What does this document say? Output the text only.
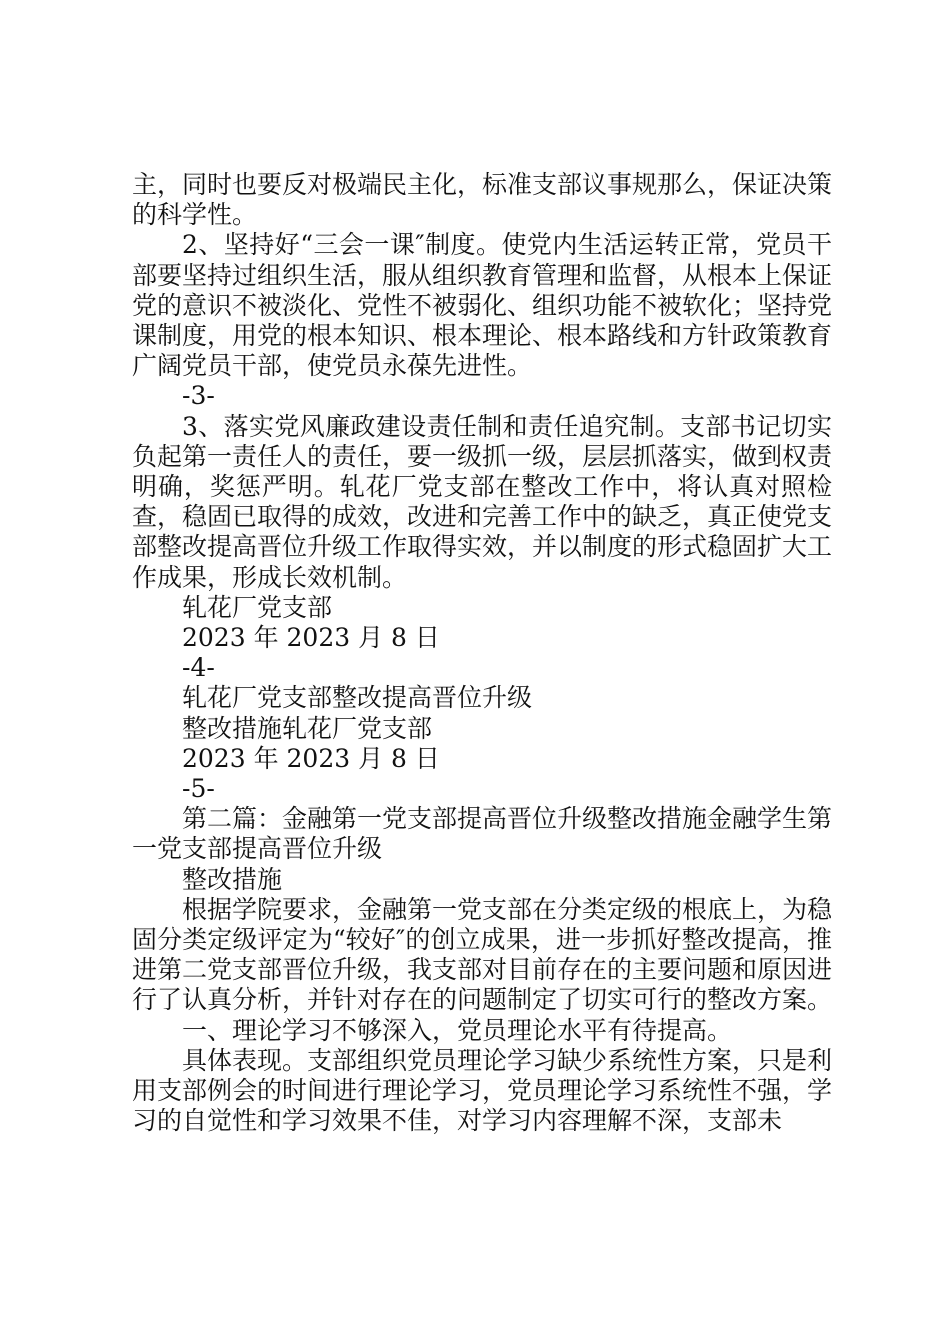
主，同时也要反对极端民主化，标准支部议事规那么，保证决策的科学性。

2、坚持好“三会一课″制度。使党内生活运转正常，党员干部要坚持过组织生活，服从组织教育管理和监督，从根本上保证党的意识不被淡化、党性不被弱化、组织功能不被软化；坚持党课制度，用党的根本知识、根本理论、根本路线和方针政策教育广阔党员干部，使党员永葆先进性。

-3-

3、落实党风廉政建设责任制和责任追究制。支部书记切实负起第一责任人的责任，要一级抓一级，层层抓落实，做到权责明确，奖惩严明。轧花厂党支部在整改工作中，将认真对照检查，稳固已取得的成效，改进和完善工作中的缺乏，真正使党支部整改提高晋位升级工作取得实效，并以制度的形式稳固扩大工作成果，形成长效机制。

轧花厂党支部

2023 年 2023 月 8 日

-4-

轧花厂党支部整改提高晋位升级

整改措施轧花厂党支部

2023 年 2023 月 8 日

-5-

第二篇：金融第一党支部提高晋位升级整改措施金融学生第一党支部提高晋位升级

整改措施

根据学院要求，金融第一党支部在分类定级的根底上，为稳固分类定级评定为“较好″的创立成果，进一步抓好整改提高，推进第二党支部晋位升级，我支部对目前存在的主要问题和原因进行了认真分析，并针对存在的问题制定了切实可行的整改方案。

一、理论学习不够深入，党员理论水平有待提高。

具体表现。支部组织党员理论学习缺少系统性方案，只是利用支部例会的时间进行理论学习，党员理论学习系统性不强，学习的自觉性和学习效果不佳，对学习内容理解不深，支部未
